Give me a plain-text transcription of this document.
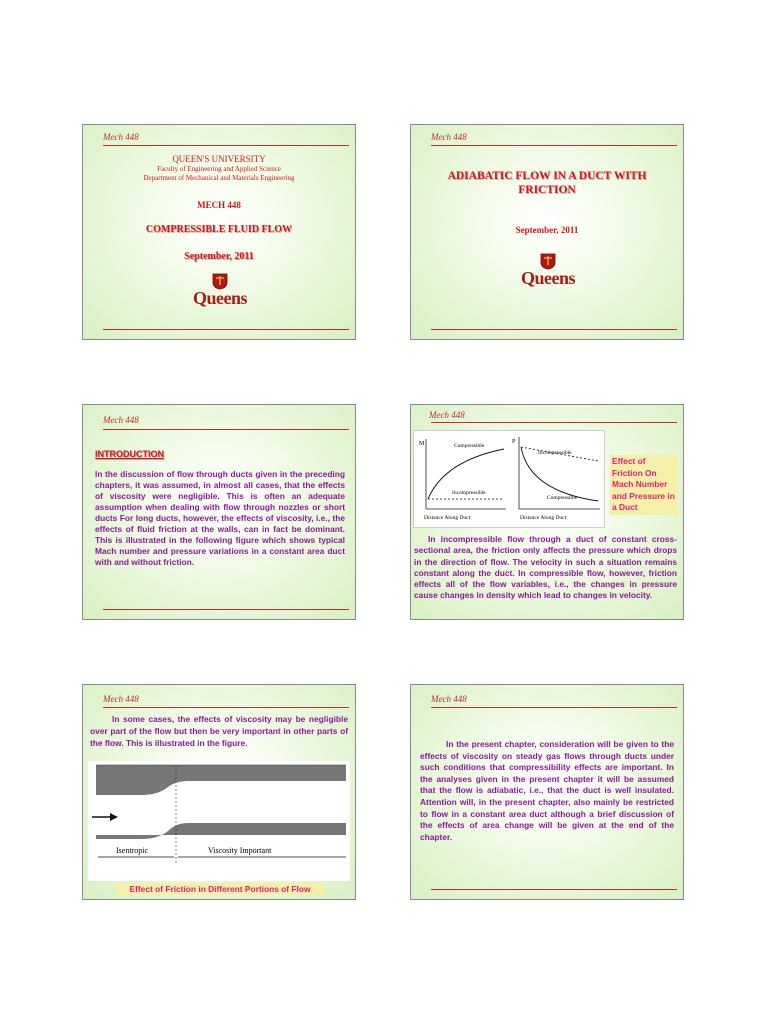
Mech 448
QUEEN'S UNIVERSITY
Faculty of Engineering and Applied Science
Department of Mechanical and Materials Engineering
MECH 448
COMPRESSIBLE FLUID FLOW
September, 2011
Queens
Mech 448
ADIABATIC FLOW IN A DUCT WITH
FRICTION
September, 2011
Queens
Mech 448
INTRODUCTION
In the discussion of flow through ducts given in the preceding chapters, it was assumed, in almost all cases, that the effects of viscosity were negligible. This is often an adequate assumption when dealing with flow through nozzles or short ducts For long ducts, however, the effects of viscosity, i.e., the effects of fluid friction at the walls, can in fact be dominant. This is illustrated in the following figure which shows typical Mach number and pressure variations in a constant area duct with and without friction.
Mech 448
M	Compressible
Incompressible
Distance Along Duct
P
Incompressible
Compressible
Distance Along Duct
Effect of Friction On Mach Number and Pressure in a Duct
In incompressible flow through a duct of constant cross-sectional area, the friction only affects the pressure which drops in the direction of flow. The velocity in such a situation remains constant along the duct. In compressible flow, however, friction effects all of the flow variables, i.e., the changes in pressure cause changes in density which lead to changes in velocity.
Mech 448
In some cases, the effects of viscosity may be negligible over part of the flow but then be very important in other parts of the flow. This is illustrated in the figure.
Isentropic	Viscosity Important
Effect of Friction in Different Portions of Flow
Mech 448
In the present chapter, consideration will be given to the effects of viscosity on steady gas flows through ducts under such conditions that compressibility effects are important. In the analyses given in the present chapter it will be assumed that the flow is adiabatic, i.e., that the duct is well insulated. Attention will, in the present chapter, also mainly be restricted to flow in a constant area duct although a brief discussion of the effects of area change will be given at the end of the chapter.
